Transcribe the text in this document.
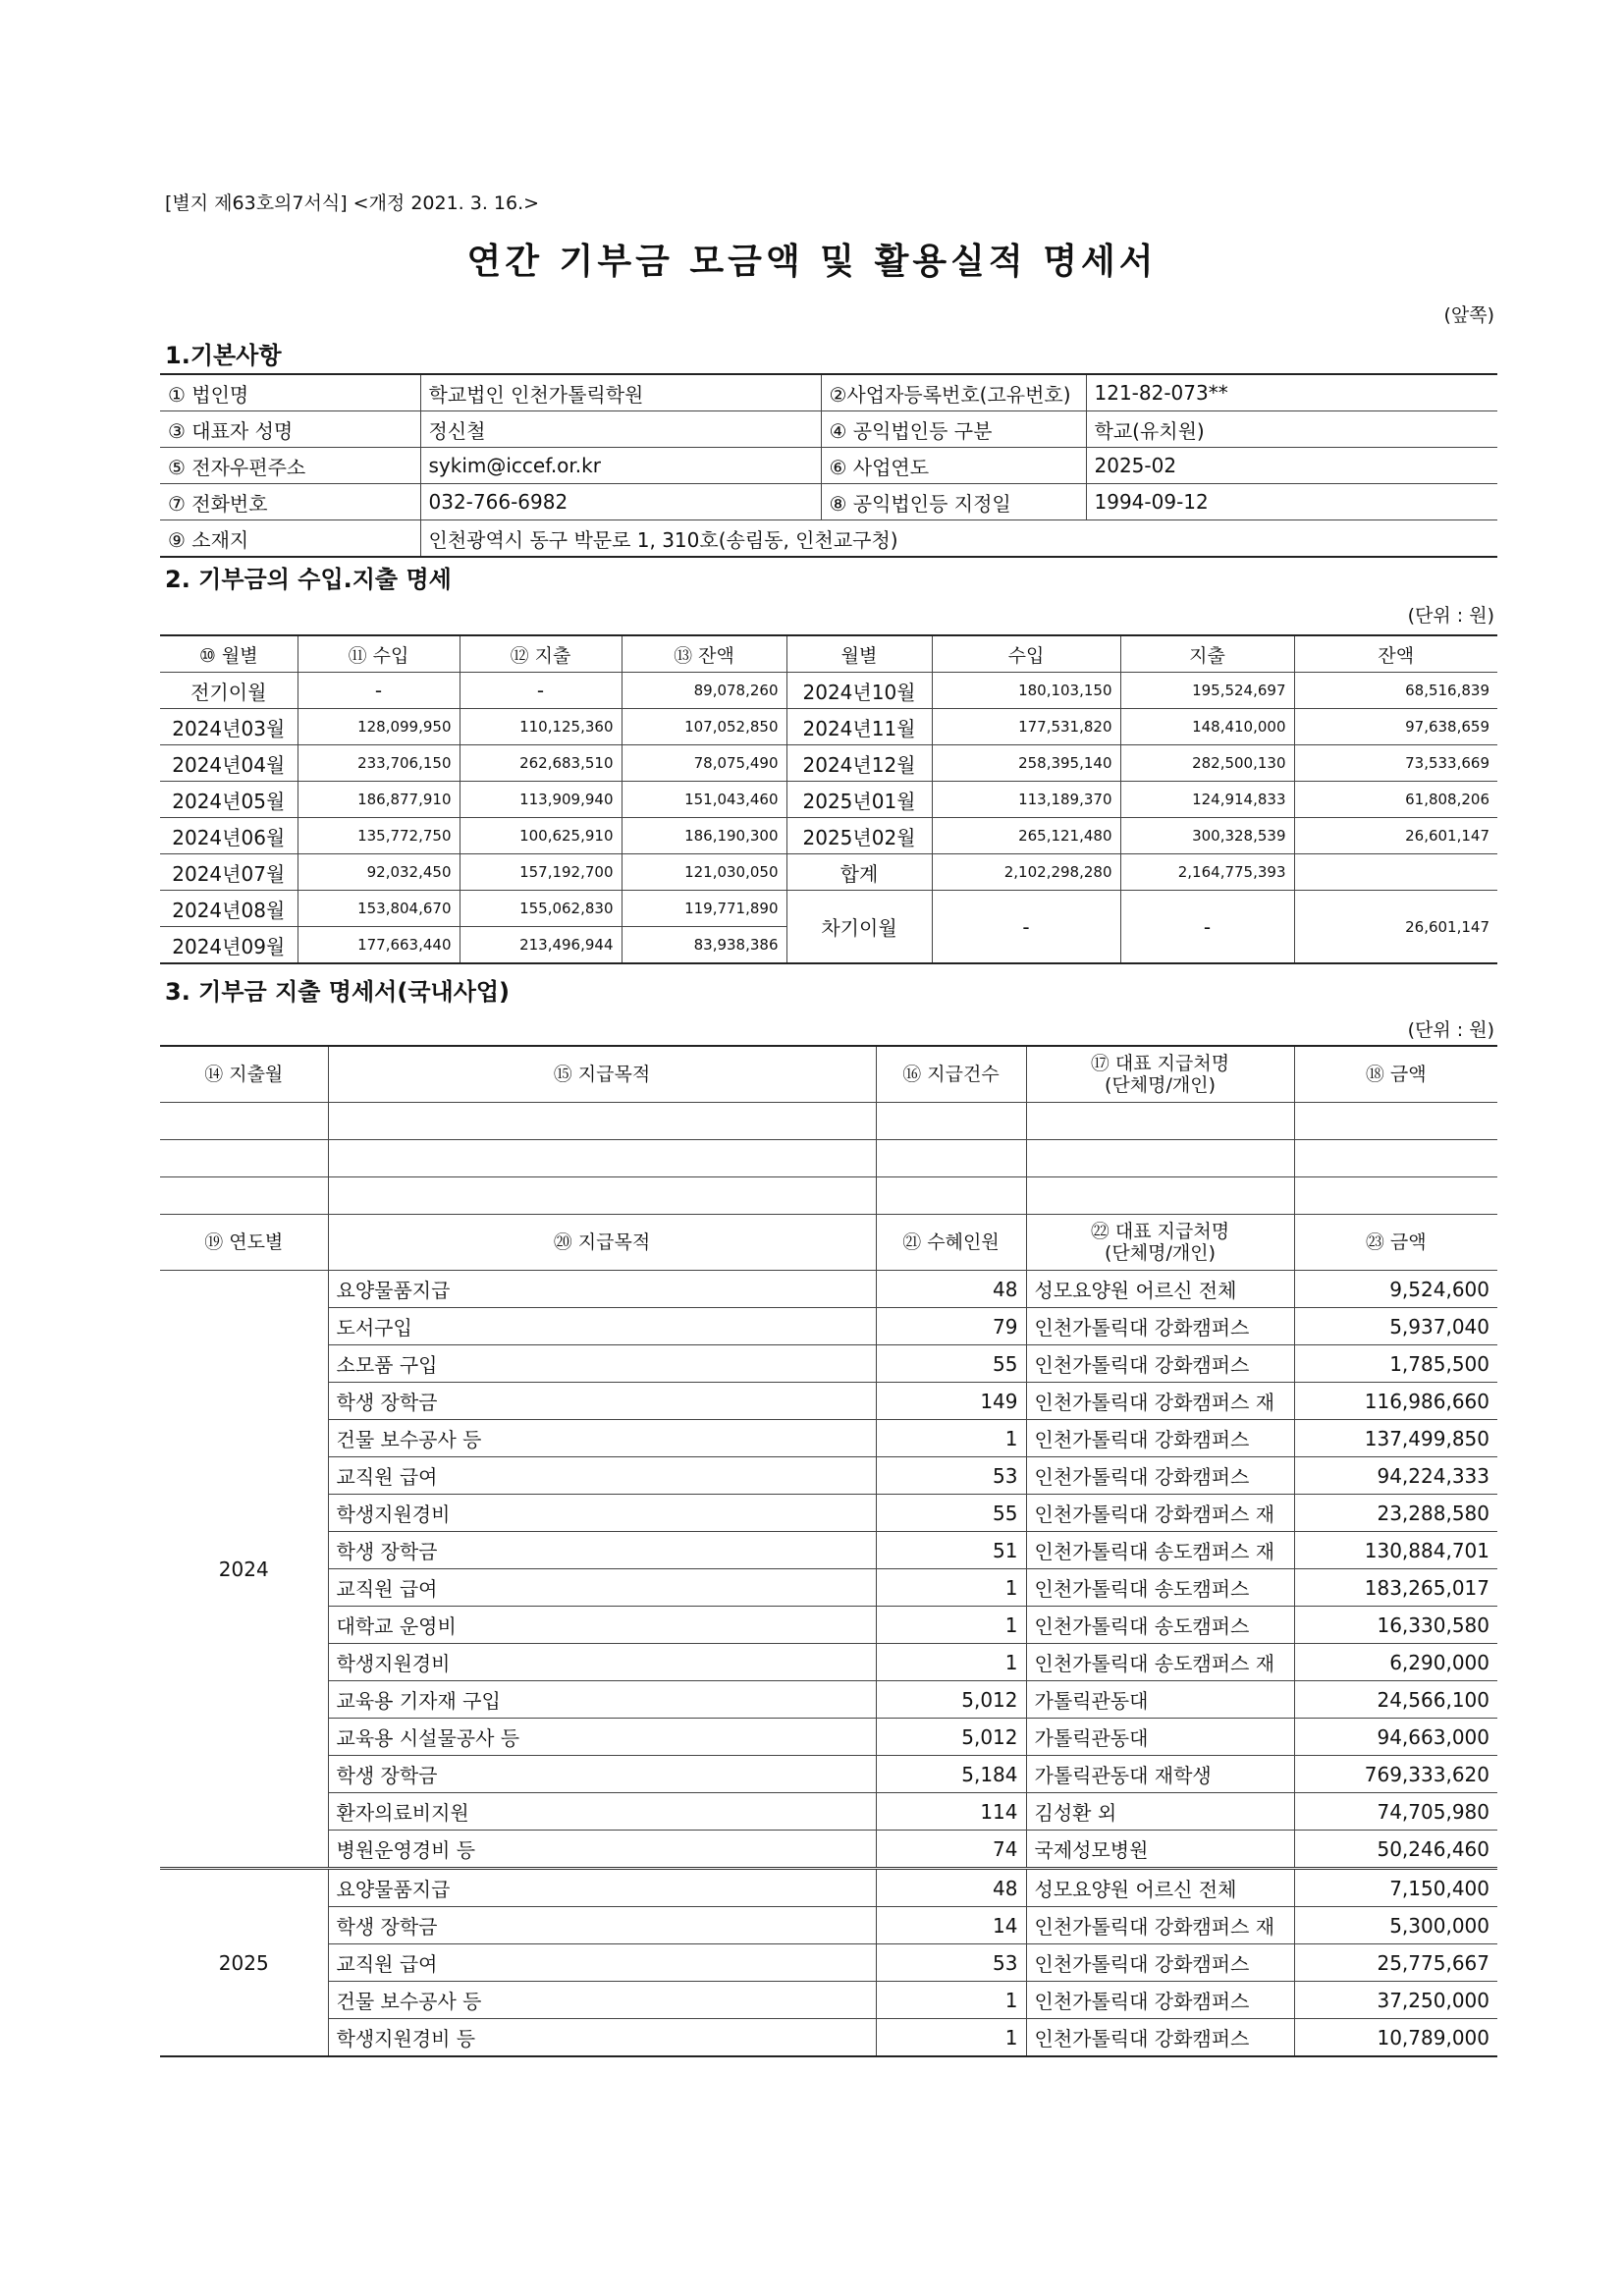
[별지 제63호의7서식] <개정 2021. 3. 16.>
연간 기부금 모금액 및 활용실적 명세서
(앞쪽)
1.기본사항
① 법인명	학교법인 인천가톨릭학원	②사업자등록번호(고유번호)	121-82-073**
③ 대표자 성명	정신철	④ 공익법인등 구분	학교(유치원)
⑤ 전자우편주소	sykim@iccef.or.kr	⑥ 사업연도	2025-02
⑦ 전화번호	032-766-6982	⑧ 공익법인등 지정일	1994-09-12
⑨ 소재지	인천광역시 동구 박문로 1, 310호(송림동, 인천교구청)		
2. 기부금의 수입.지출 명세
(단위 : 원)
⑩ 월별	⑪ 수입	⑫ 지출	⑬ 잔액	월별	수입	지출	잔액
전기이월	-	-	89,078,260	2024년10월	180,103,150	195,524,697	68,516,839
2024년03월	128,099,950	110,125,360	107,052,850	2024년11월	177,531,820	148,410,000	97,638,659
2024년04월	233,706,150	262,683,510	78,075,490	2024년12월	258,395,140	282,500,130	73,533,669
2024년05월	186,877,910	113,909,940	151,043,460	2025년01월	113,189,370	124,914,833	61,808,206
2024년06월	135,772,750	100,625,910	186,190,300	2025년02월	265,121,480	300,328,539	26,601,147
2024년07월	92,032,450	157,192,700	121,030,050	합계	2,102,298,280	2,164,775,393	
2024년08월	153,804,670	155,062,830	119,771,890	차기이월	-	-	26,601,147
2024년09월	177,663,440	213,496,944	83,938,386				
3. 기부금 지출 명세서(국내사업)
(단위 : 원)
⑭ 지출월	⑮ 지급목적	⑯ 지급건수	⑰ 대표 지급처명
(단체명/개인)	⑱ 금액

⑲ 연도별	⑳ 지급목적	㉑ 수혜인원	㉒ 대표 지급처명
(단체명/개인)	㉓ 금액
2024	요양물품지급	48	성모요양원 어르신 전체	9,524,600
	도서구입	79	인천가톨릭대 강화캠퍼스	5,937,040
	소모품 구입	55	인천가톨릭대 강화캠퍼스	1,785,500
	학생 장학금	149	인천가톨릭대 강화캠퍼스 재	116,986,660
	건물 보수공사 등	1	인천가톨릭대 강화캠퍼스	137,499,850
	교직원 급여	53	인천가톨릭대 강화캠퍼스	94,224,333
	학생지원경비	55	인천가톨릭대 강화캠퍼스 재	23,288,580
	학생 장학금	51	인천가톨릭대 송도캠퍼스 재	130,884,701
	교직원 급여	1	인천가톨릭대 송도캠퍼스	183,265,017
	대학교 운영비	1	인천가톨릭대 송도캠퍼스	16,330,580
	학생지원경비	1	인천가톨릭대 송도캠퍼스 재	6,290,000
	교육용 기자재 구입	5,012	가톨릭관동대	24,566,100
	교육용 시설물공사 등	5,012	가톨릭관동대	94,663,000
	학생 장학금	5,184	가톨릭관동대 재학생	769,333,620
	환자의료비지원	114	김성환 외	74,705,980
	병원운영경비 등	74	국제성모병원	50,246,460
2025	요양물품지급	48	성모요양원 어르신 전체	7,150,400
	학생 장학금	14	인천가톨릭대 강화캠퍼스 재	5,300,000
	교직원 급여	53	인천가톨릭대 강화캠퍼스	25,775,667
	건물 보수공사 등	1	인천가톨릭대 강화캠퍼스	37,250,000
	학생지원경비 등	1	인천가톨릭대 강화캠퍼스	10,789,000
